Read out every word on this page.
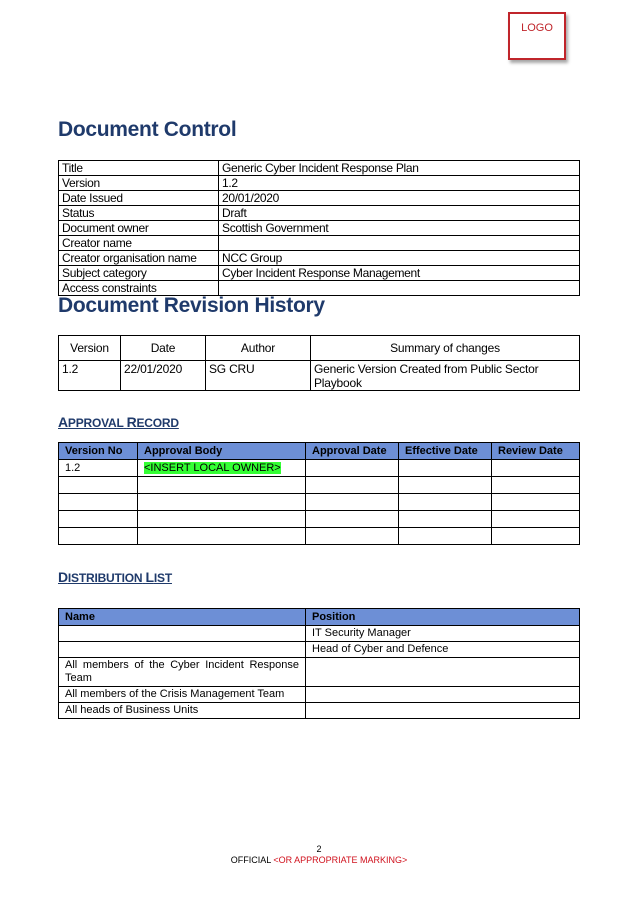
LOGO
Document Control
Title	Generic Cyber Incident Response Plan
Version	1.2
Date Issued	20/01/2020
Status	Draft
Document owner	Scottish Government
Creator name	
Creator organisation name	NCC Group
Subject category	Cyber Incident Response Management
Access constraints	
Document Revision History
Version	Date	Author	Summary of changes
1.2	22/01/2020	SG CRU	Generic Version Created from Public Sector Playbook
APPROVAL RECORD
Version No	Approval Body	Approval Date	Effective Date	Review Date
1.2	<INSERT LOCAL OWNER>			

DISTRIBUTION LIST
Name	Position
	IT Security Manager
	Head of Cyber and Defence
All members of the Cyber Incident Response Team	
All members of the Crisis Management Team	
All heads of Business Units	
2
OFFICIAL <OR APPROPRIATE MARKING>
